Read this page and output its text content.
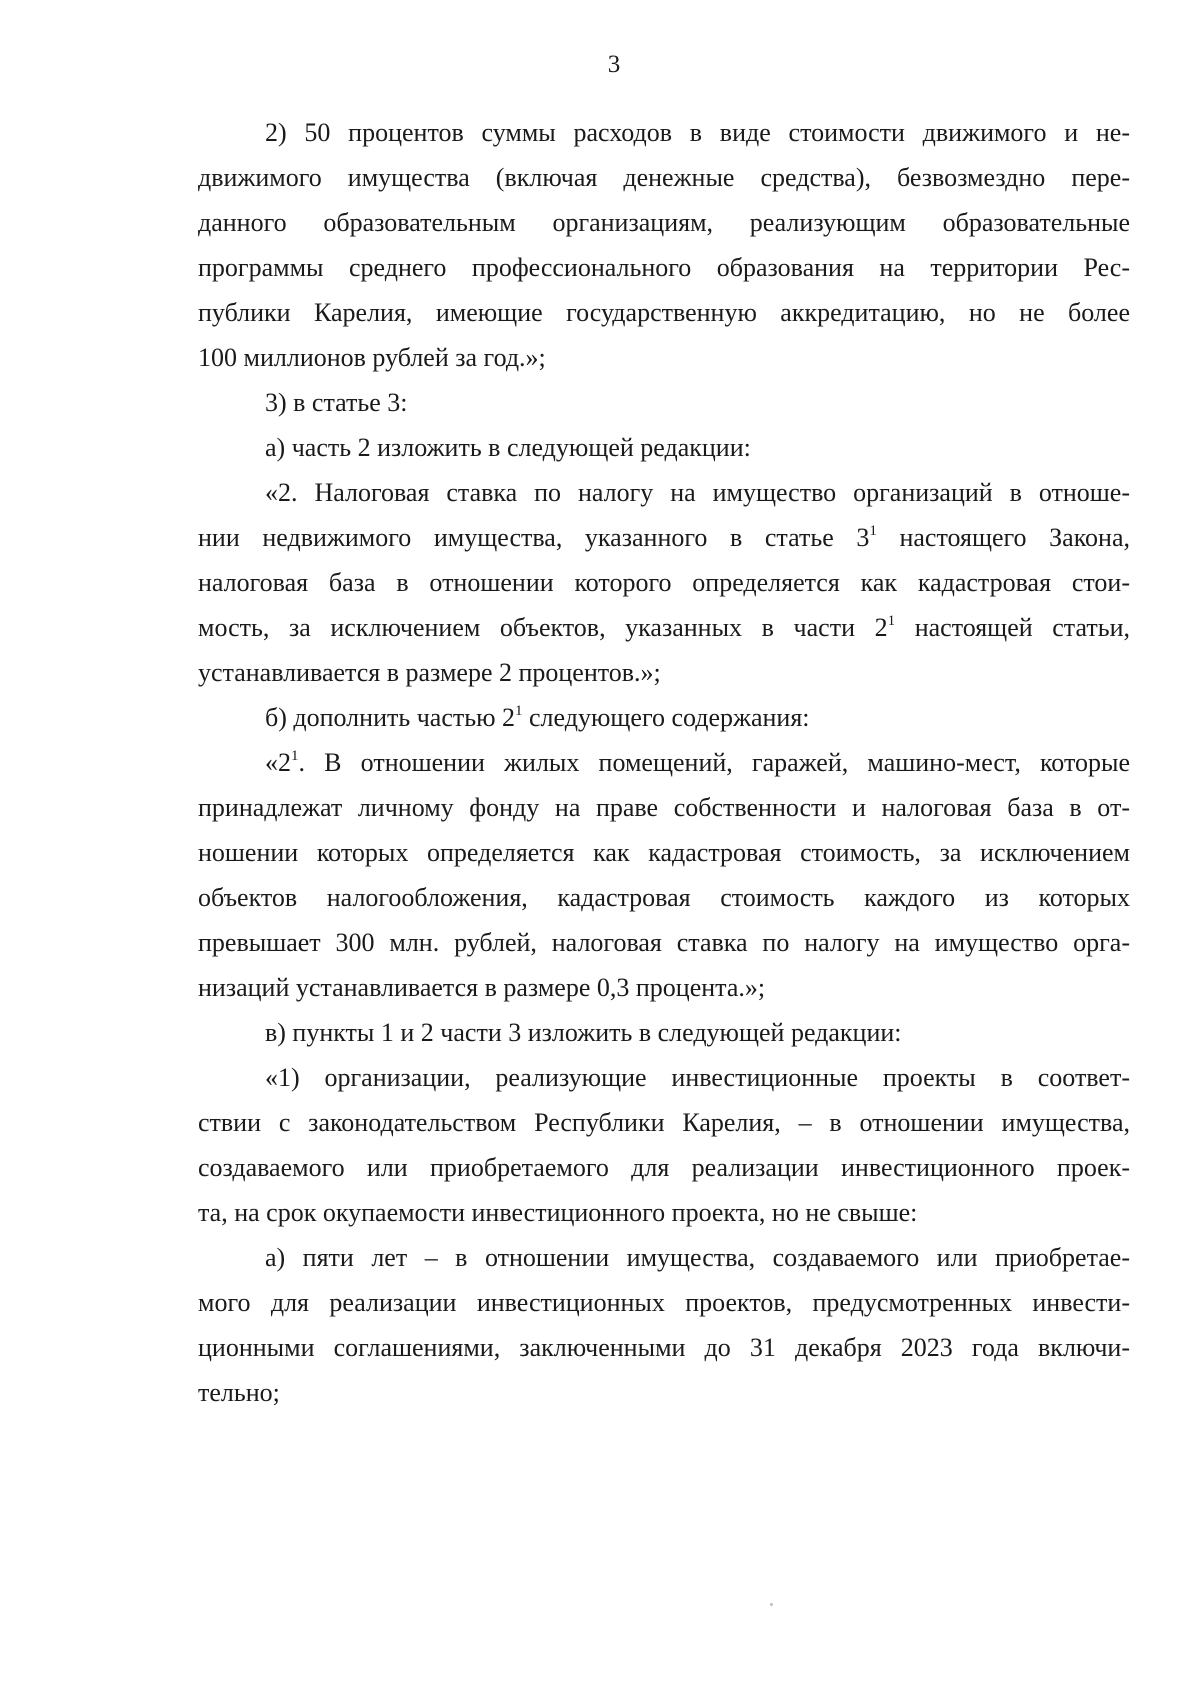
3
2) 50 процентов суммы расходов в виде стоимости движимого и не-
движимого имущества (включая денежные средства), безвозмездно пере-
данного образовательным организациям, реализующим образовательные
программы среднего профессионального образования на территории Рес-
публики Карелия, имеющие государственную аккредитацию, но не более
100 миллионов рублей за год.»;
3) в статье 3:
а) часть 2 изложить в следующей редакции:
«2. Налоговая ставка по налогу на имущество организаций в отноше-
нии недвижимого имущества, указанного в статье $3^1$ настоящего Закона,
налоговая база в отношении которого определяется как кадастровая стои-
мость, за исключением объектов, указанных в части $2^1$ настоящей статьи,
устанавливается в размере 2 процентов.»;
б) дополнить частью $2^1$ следующего содержания:
«$2^1$. В отношении жилых помещений, гаражей, машино-мест, которые
принадлежат личному фонду на праве собственности и налоговая база в от-
ношении которых определяется как кадастровая стоимость, за исключением
объектов налогообложения, кадастровая стоимость каждого из которых
превышает 300 млн. рублей, налоговая ставка по налогу на имущество орга-
низаций устанавливается в размере 0,3 процента.»;
в) пункты 1 и 2 части 3 изложить в следующей редакции:
«1) организации, реализующие инвестиционные проекты в соответ-
ствии с законодательством Республики Карелия, – в отношении имущества,
создаваемого или приобретаемого для реализации инвестиционного проек-
та, на срок окупаемости инвестиционного проекта, но не свыше:
а) пяти лет – в отношении имущества, создаваемого или приобретае-
мого для реализации инвестиционных проектов, предусмотренных инвести-
ционными соглашениями, заключенными до 31 декабря 2023 года включи-
тельно;
